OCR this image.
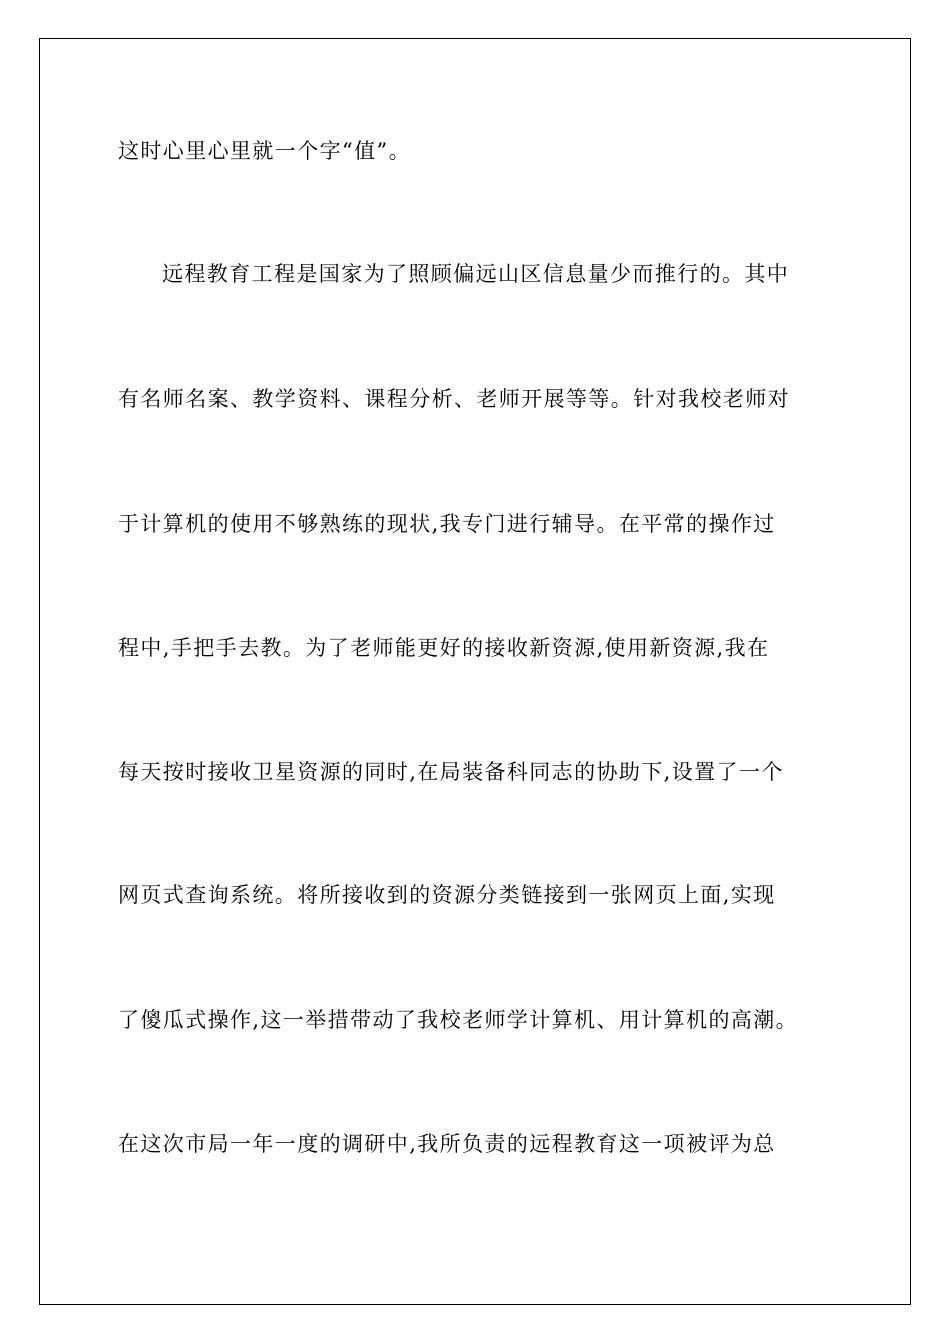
这时心里心里就一个字“值”。
远程教育工程是国家为了照顾偏远山区信息量少而推行的。其中
有名师名案、教学资料、课程分析、老师开展等等。针对我校老师对
于计算机的使用不够熟练的现状,我专门进行辅导。在平常的操作过
程中,手把手去教。为了老师能更好的接收新资源,使用新资源,我在
每天按时接收卫星资源的同时,在局装备科同志的协助下,设置了一个
网页式查询系统。将所接收到的资源分类链接到一张网页上面,实现
了傻瓜式操作,这一举措带动了我校老师学计算机、用计算机的高潮。
在这次市局一年一度的调研中,我所负责的远程教育这一项被评为总
